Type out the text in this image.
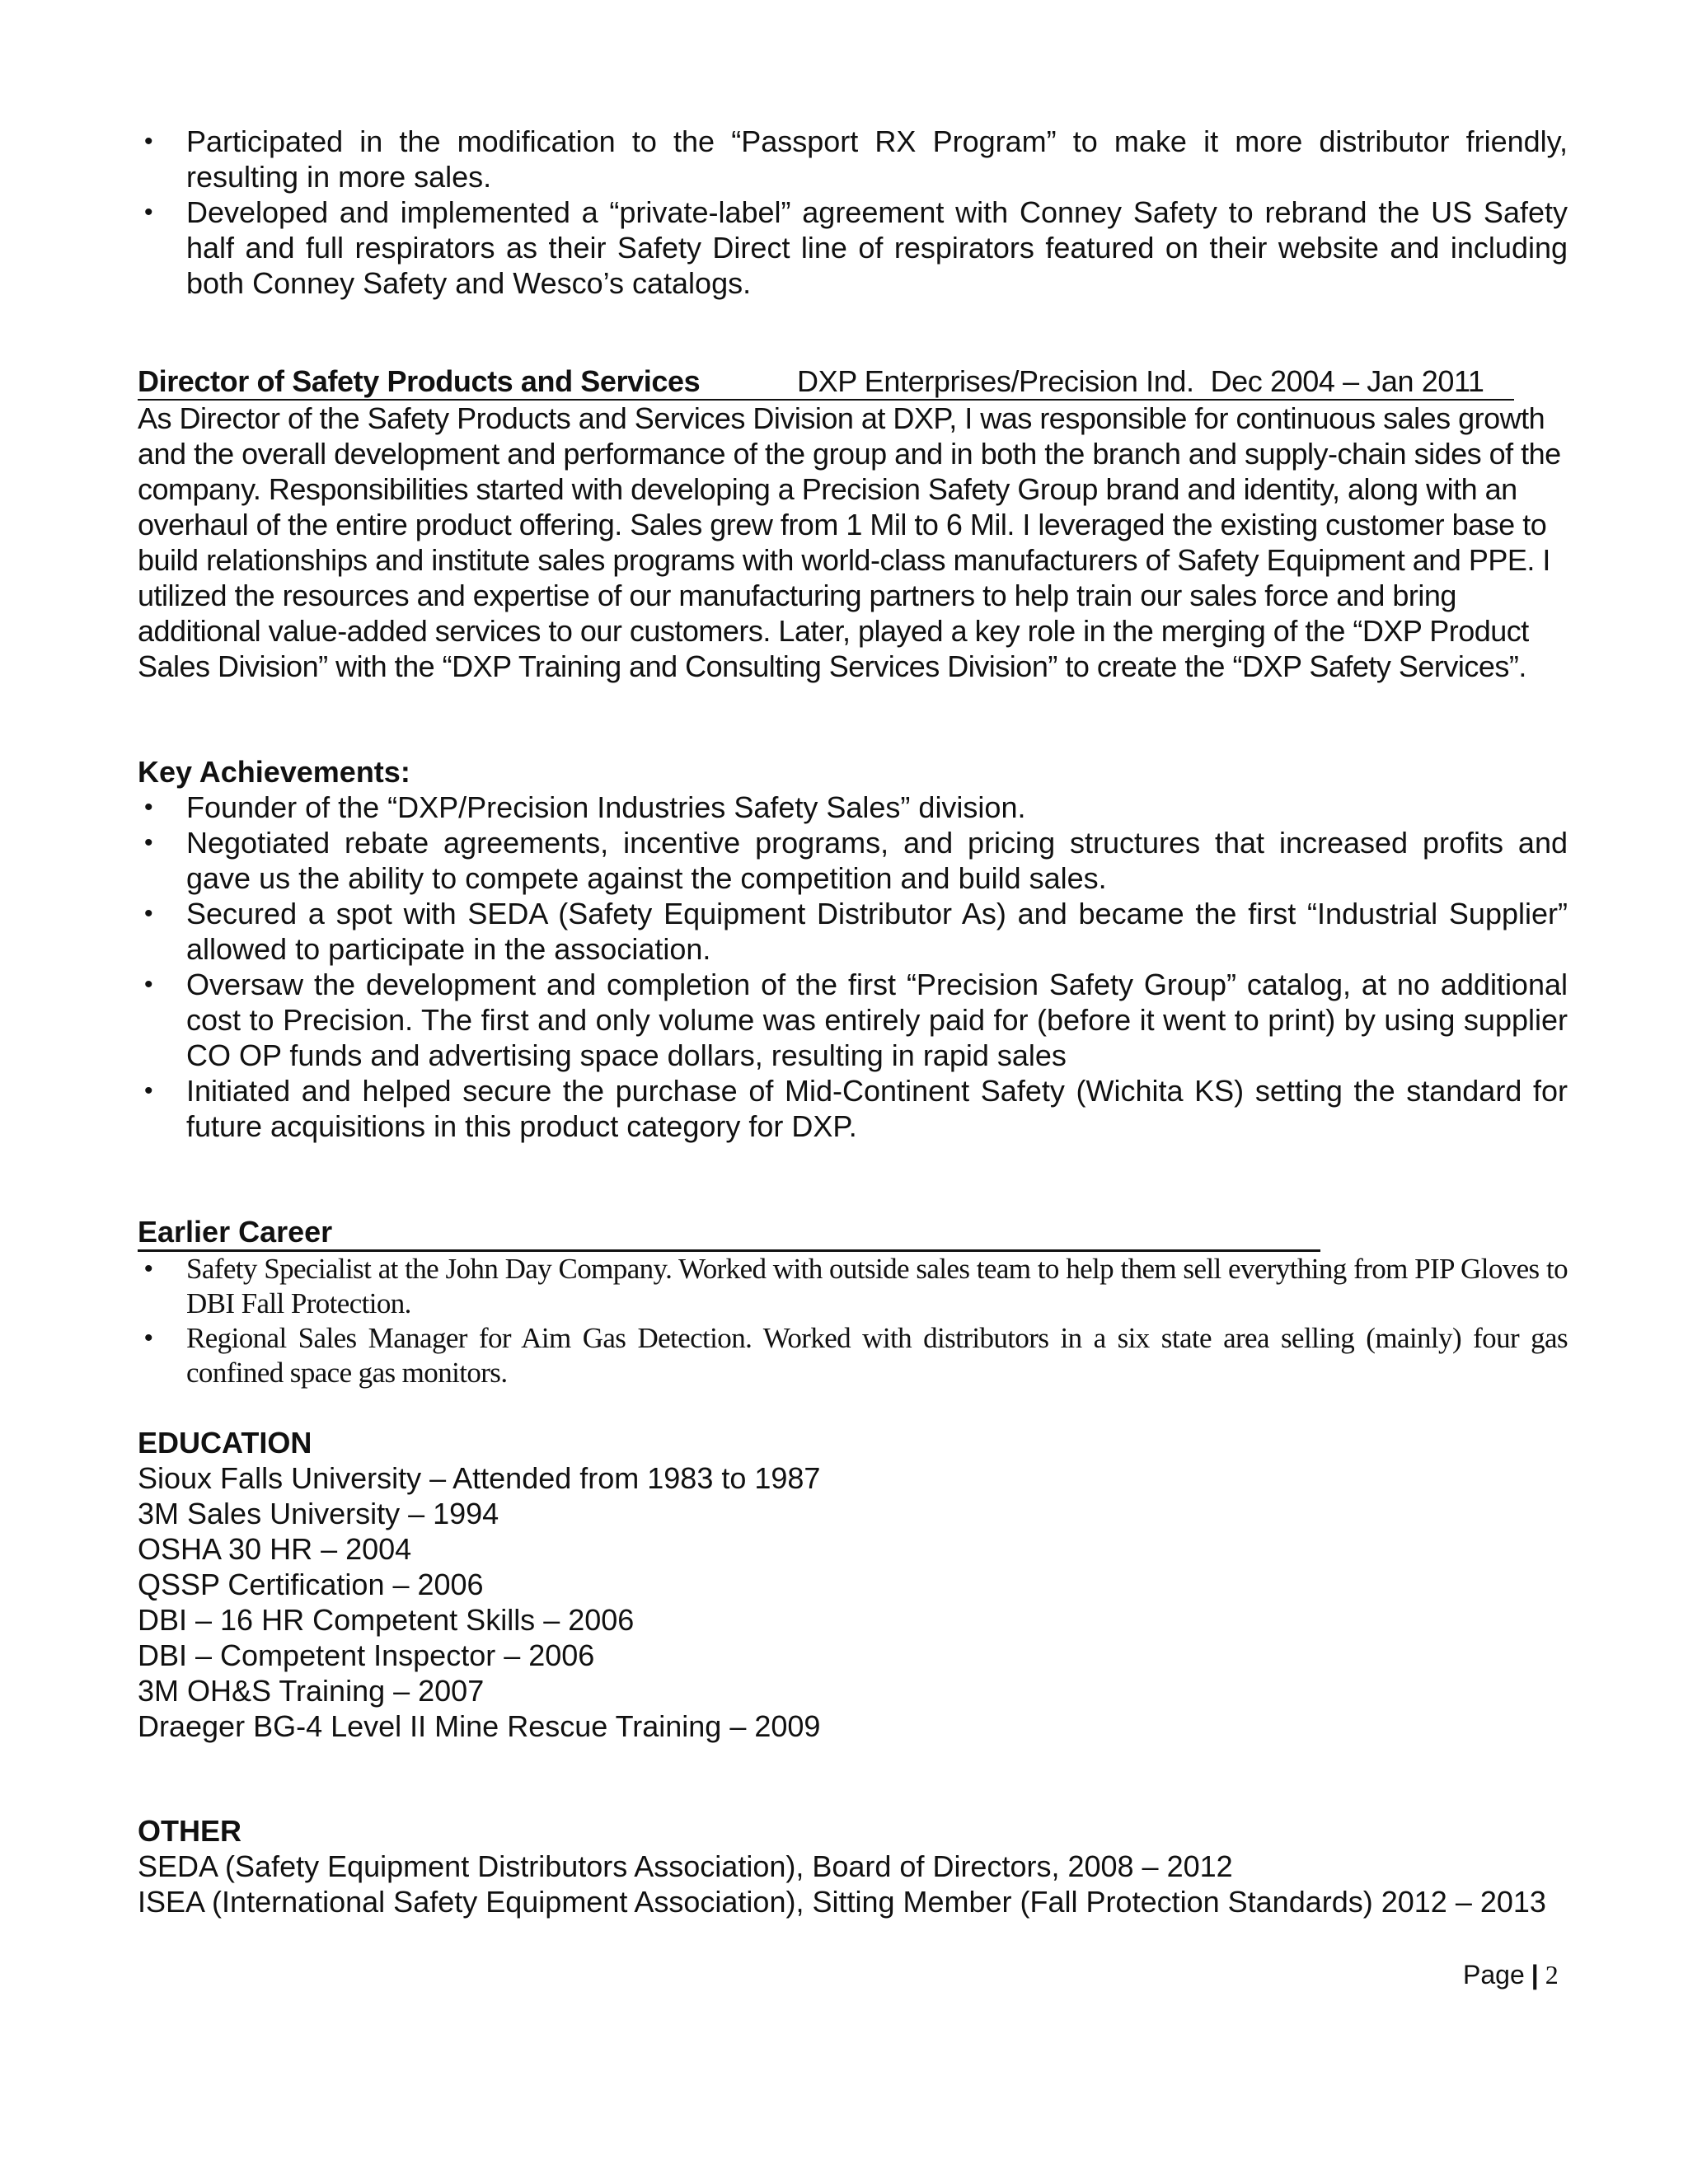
• Participated in the modification to the “Passport RX Program” to make it more distributor friendly, resulting in more sales.
• Developed and implemented a “private-label” agreement with Conney Safety to rebrand the US Safety half and full respirators as their Safety Direct line of respirators featured on their website and including both Conney Safety and Wesco’s catalogs.
Director of Safety Products and Services	DXP Enterprises/Precision Ind. Dec 2004 – Jan 2011

As Director of the Safety Products and Services Division at DXP, I was responsible for continuous sales growth and the overall development and performance of the group and in both the branch and supply-chain sides of the company. Responsibilities started with developing a Precision Safety Group brand and identity, along with an overhaul of the entire product offering. Sales grew from 1 Mil to 6 Mil. I leveraged the existing customer base to build relationships and institute sales programs with world-class manufacturers of Safety Equipment and PPE. I utilized the resources and expertise of our manufacturing partners to help train our sales force and bring additional value-added services to our customers. Later, played a key role in the merging of the “DXP Product Sales Division” with the “DXP Training and Consulting Services Division” to create the “DXP Safety Services”.

Key Achievements:
• Founder of the “DXP/Precision Industries Safety Sales” division.
• Negotiated rebate agreements, incentive programs, and pricing structures that increased profits and gave us the ability to compete against the competition and build sales.
• Secured a spot with SEDA (Safety Equipment Distributor As) and became the first “Industrial Supplier” allowed to participate in the association.
• Oversaw the development and completion of the first “Precision Safety Group” catalog, at no additional cost to Precision. The first and only volume was entirely paid for (before it went to print) by using supplier CO OP funds and advertising space dollars, resulting in rapid sales
• Initiated and helped secure the purchase of Mid-Continent Safety (Wichita KS) setting the standard for future acquisitions in this product category for DXP.
Earlier Career
• Safety Specialist at the John Day Company. Worked with outside sales team to help them sell everything from PIP Gloves to DBI Fall Protection.
• Regional Sales Manager for Aim Gas Detection. Worked with distributors in a six state area selling (mainly) four gas confined space gas monitors.
EDUCATION
Sioux Falls University – Attended from 1983 to 1987
3M Sales University – 1994
OSHA 30 HR – 2004
QSSP Certification – 2006
DBI – 16 HR Competent Skills – 2006
DBI – Competent Inspector – 2006
3M OH&S Training – 2007
Draeger BG-4 Level II Mine Rescue Training – 2009
OTHER
SEDA (Safety Equipment Distributors Association), Board of Directors, 2008 – 2012
ISEA (International Safety Equipment Association), Sitting Member (Fall Protection Standards) 2012 – 2013
Page | 2
